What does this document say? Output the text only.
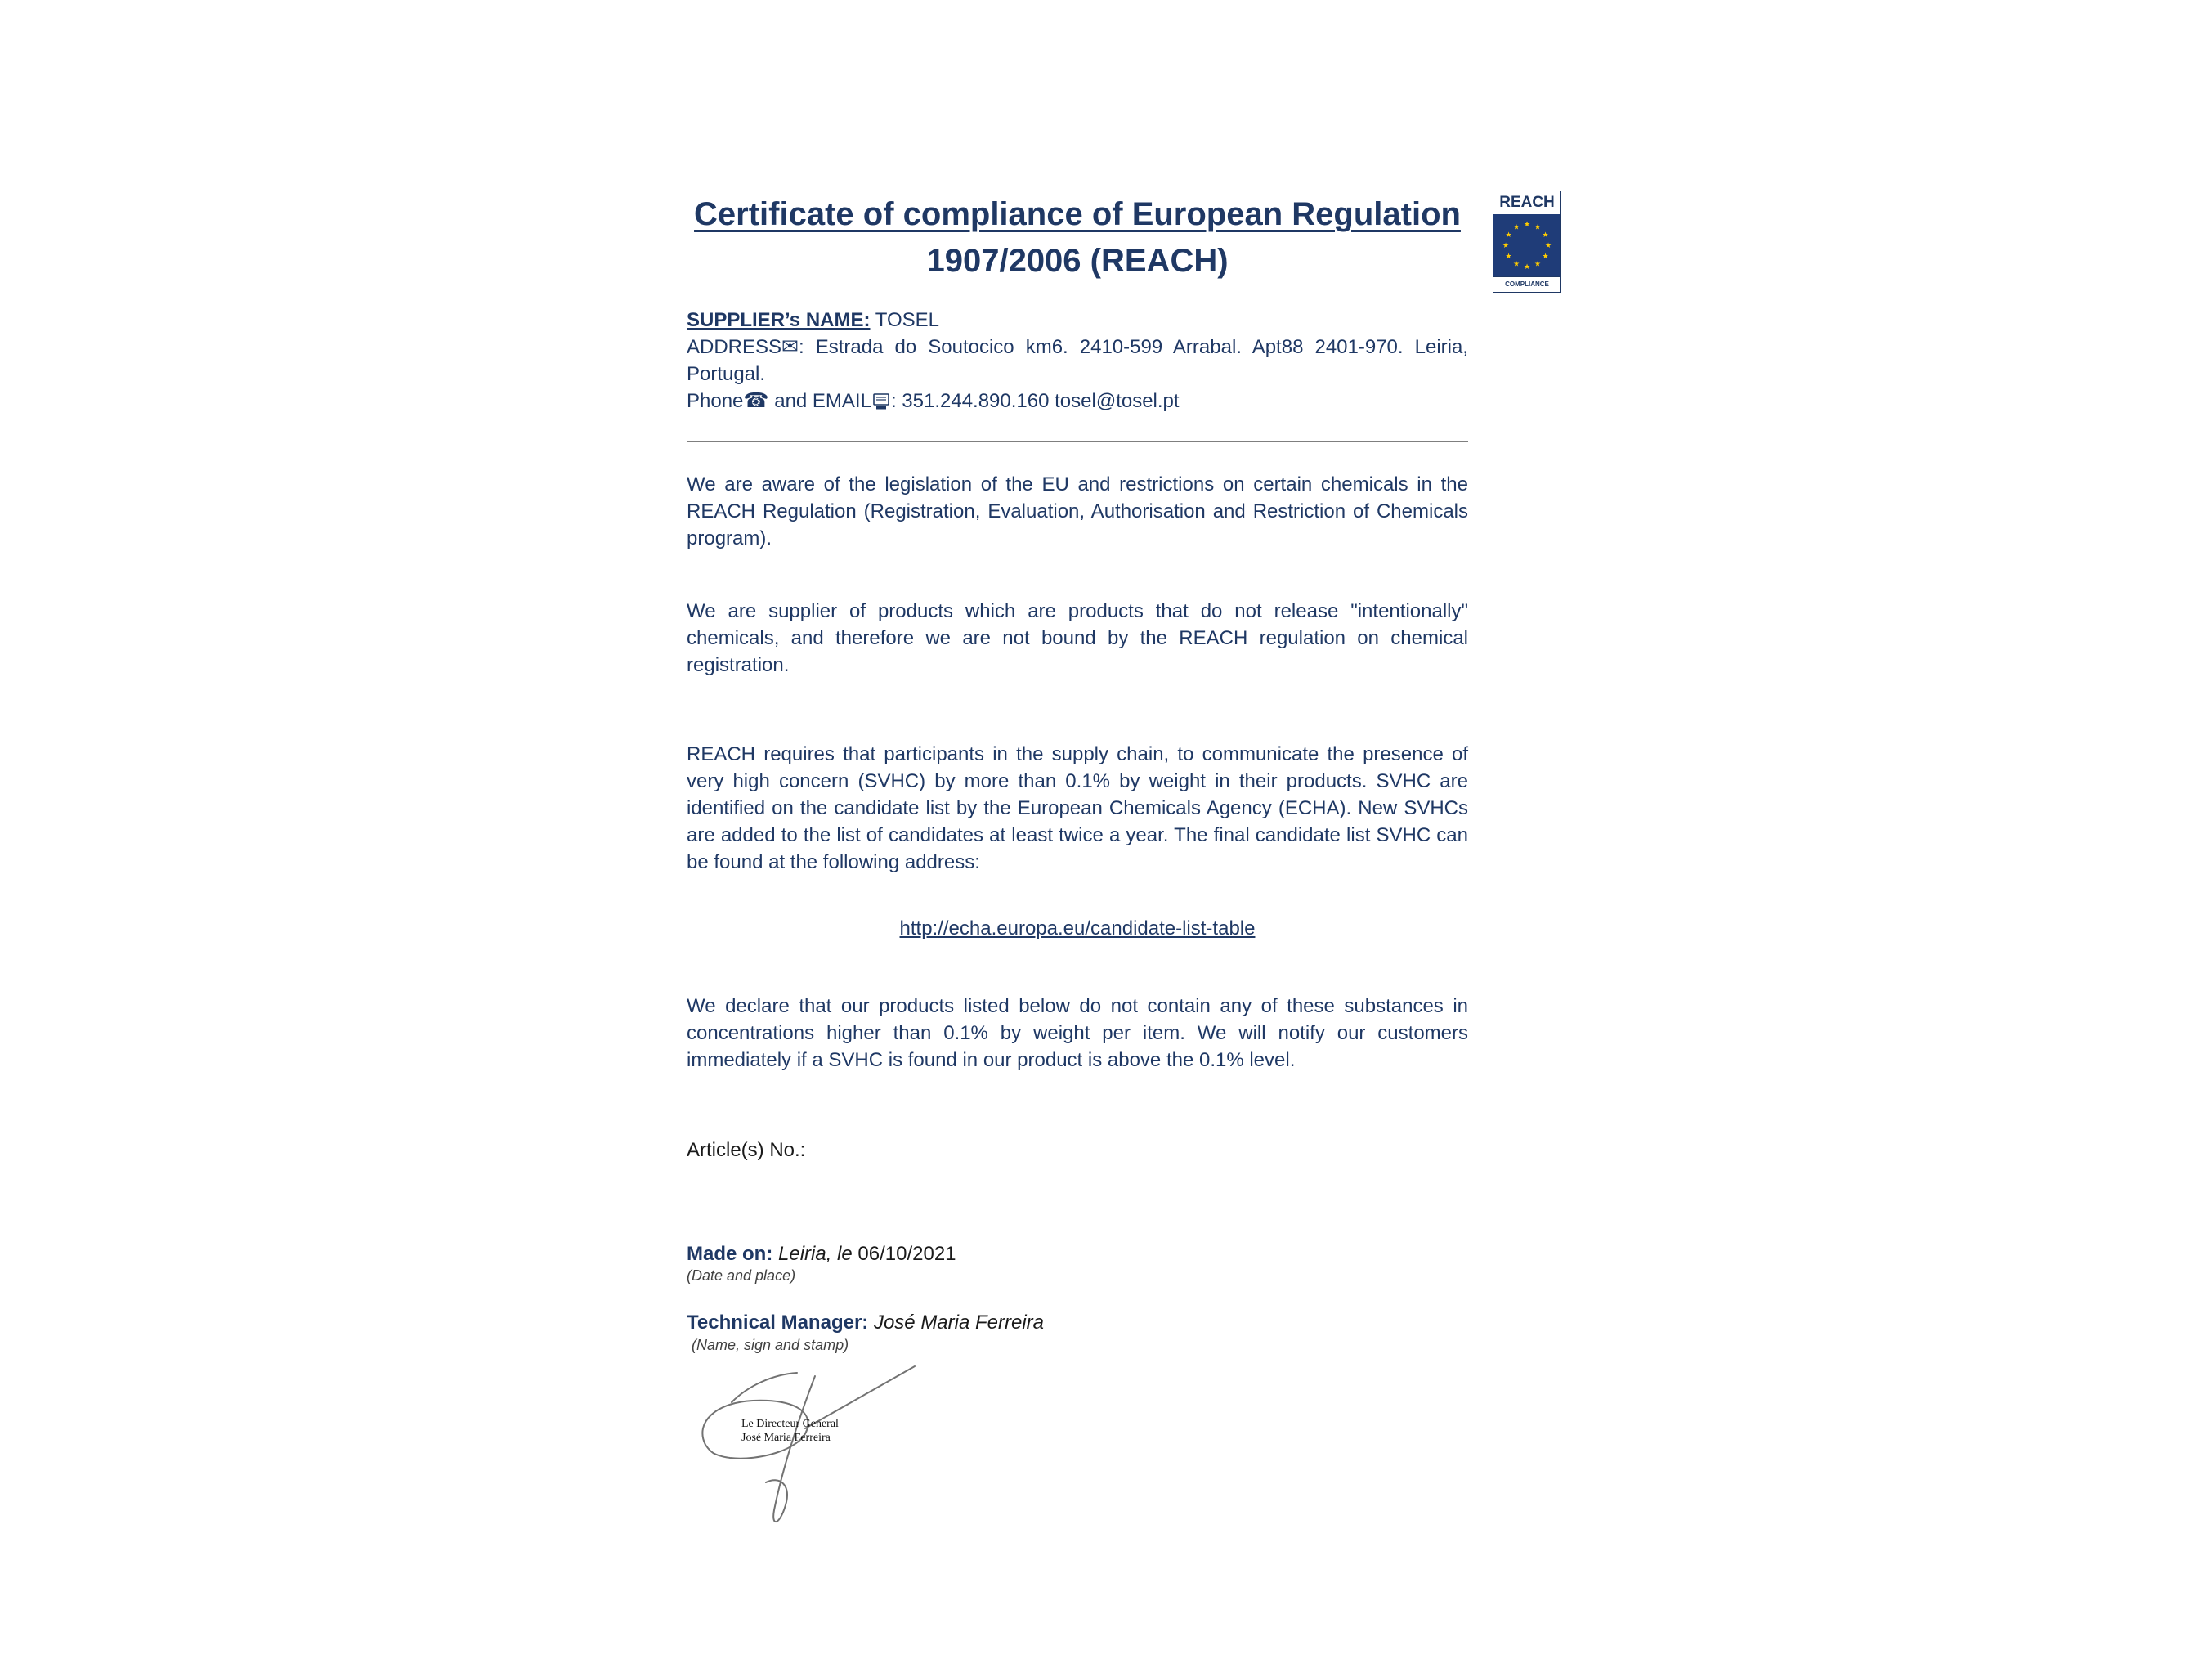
Certificate of compliance of European Regulation
1907/2006 (REACH)
REACH
★ ★
★
★
★
★
★
★
★
★
★
★
COMPLIANCE

SUPPLIER’s NAME: TOSEL

ADDRESS✉: Estrada do Soutocico km6. 2410-599 Arrabal. Apt88 2401-970. Leiria, Portugal.

Phone☎ and EMAIL : 351.244.890.160 tosel@tosel.pt

We are aware of the legislation of the EU and restrictions on certain chemicals in the REACH Regulation (Registration, Evaluation, Authorisation and Restriction of Chemicals program).

We are supplier of products which are products that do not release "intentionally" chemicals, and therefore we are not bound by the REACH regulation on chemical registration.

REACH requires that participants in the supply chain, to communicate the presence of very high concern (SVHC) by more than 0.1% by weight in their products. SVHC are identified on the candidate list by the European Chemicals Agency (ECHA). New SVHCs are added to the list of candidates at least twice a year. The final candidate list SVHC can be found at the following address:

http://echa.europa.eu/candidate-list-table

We declare that our products listed below do not contain any of these substances in concentrations higher than 0.1% by weight per item. We will notify our customers immediately if a SVHC is found in our product is above the 0.1% level.

Article(s) No.:

Made on: Leiria, le 06/10/2021

(Date and place)

Technical Manager: José Maria Ferreira

(Name, sign and stamp)

Le Directeur General
José Maria Ferreira
